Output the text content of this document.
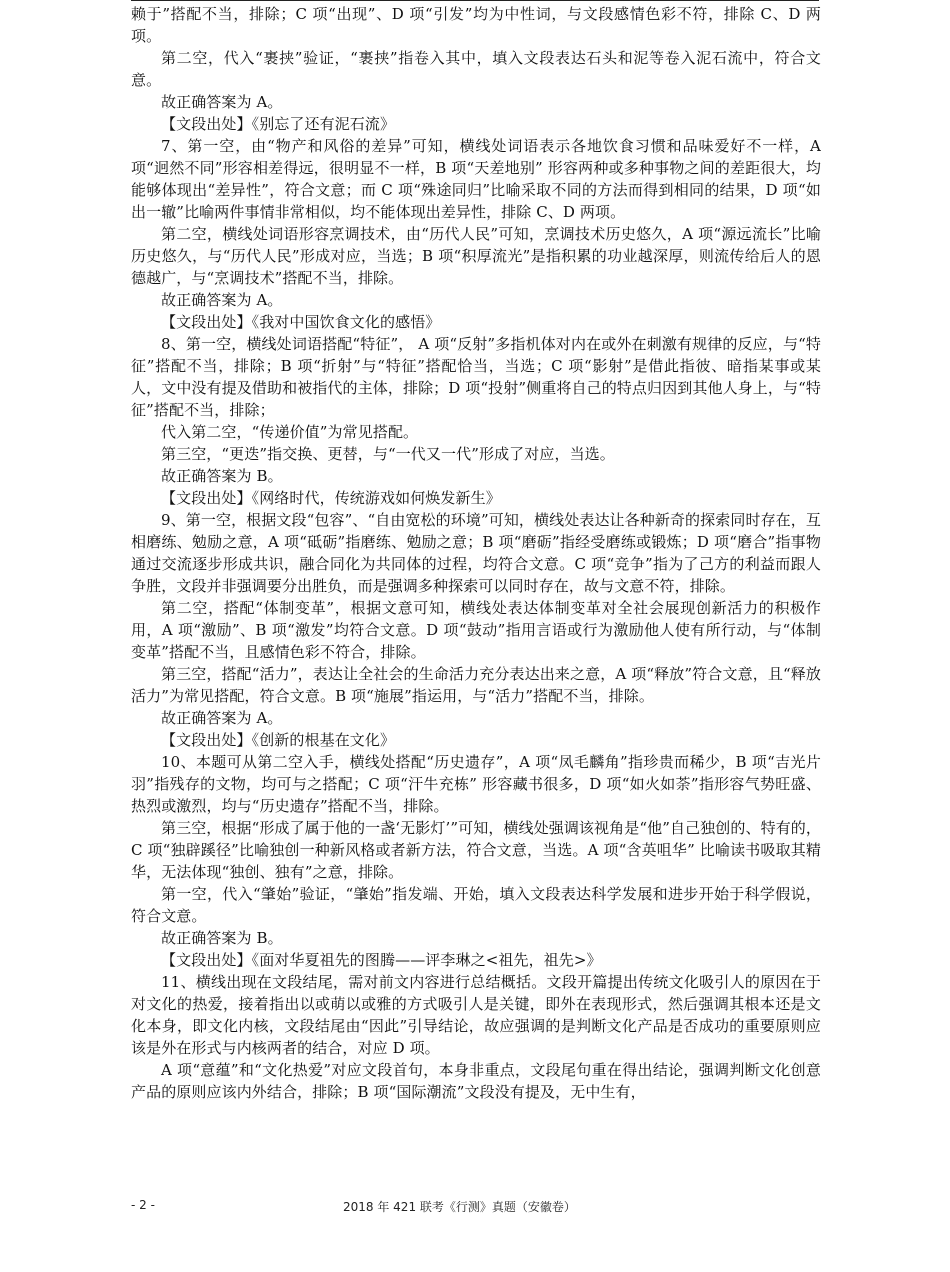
赖于”搭配不当，排除；C 项“出现”、D 项“引发”均为中性词，与文段感情色彩不符，排除 C、D 两项。

第二空，代入“裹挟”验证，“裹挟”指卷入其中，填入文段表达石头和泥等卷入泥石流中，符合文意。

故正确答案为 A。

【文段出处】《别忘了还有泥石流》

7、第一空，由“物产和风俗的差异”可知，横线处词语表示各地饮食习惯和品味爱好不一样，A 项“迥然不同”形容相差得远，很明显不一样，B 项“天差地别” 形容两种或多种事物之间的差距很大，均能够体现出“差异性”，符合文意；而 C 项“殊途同归”比喻采取不同的方法而得到相同的结果，D 项“如出一辙”比喻两件事情非常相似，均不能体现出差异性，排除 C、D 两项。

第二空，横线处词语形容烹调技术，由“历代人民”可知，烹调技术历史悠久，A 项“源远流长”比喻历史悠久，与“历代人民”形成对应，当选；B 项“积厚流光”是指积累的功业越深厚，则流传给后人的恩德越广，与“烹调技术”搭配不当，排除。

故正确答案为 A。

【文段出处】《我对中国饮食文化的感悟》

8、第一空，横线处词语搭配“特征”， A 项“反射”多指机体对内在或外在刺激有规律的反应，与“特征”搭配不当，排除；B 项“折射”与“特征”搭配恰当，当选；C 项“影射”是借此指彼、暗指某事或某人，文中没有提及借助和被指代的主体，排除；D 项“投射”侧重将自己的特点归因到其他人身上，与“特征”搭配不当，排除；

代入第二空，“传递价值”为常见搭配。

第三空，“更迭”指交换、更替，与“一代又一代”形成了对应，当选。

故正确答案为 B。

【文段出处】《网络时代，传统游戏如何焕发新生》

9、第一空，根据文段“包容”、“自由宽松的环境”可知，横线处表达让各种新奇的探索同时存在，互相磨练、勉励之意，A 项“砥砺”指磨练、勉励之意；B 项“磨砺”指经受磨练或锻炼；D 项“磨合”指事物通过交流逐步形成共识，融合同化为共同体的过程，均符合文意。C 项“竞争”指为了己方的利益而跟人争胜，文段并非强调要分出胜负，而是强调多种探索可以同时存在，故与文意不符，排除。

第二空，搭配“体制变革”，根据文意可知，横线处表达体制变革对全社会展现创新活力的积极作用，A 项“激励”、B 项“激发”均符合文意。D 项“鼓动”指用言语或行为激励他人使有所行动，与“体制变革”搭配不当，且感情色彩不符合，排除。

第三空，搭配“活力”，表达让全社会的生命活力充分表达出来之意，A 项“释放”符合文意，且“释放活力”为常见搭配，符合文意。B 项“施展”指运用，与“活力”搭配不当，排除。

故正确答案为 A。

【文段出处】《创新的根基在文化》

10、本题可从第二空入手，横线处搭配“历史遗存”，A 项“凤毛麟角”指珍贵而稀少，B 项“吉光片羽”指残存的文物，均可与之搭配；C 项“汗牛充栋” 形容藏书很多，D 项“如火如荼”指形容气势旺盛、热烈或激烈，均与“历史遗存”搭配不当，排除。

第三空，根据“形成了属于他的一盏‘无影灯’”可知，横线处强调该视角是“他”自己独创的、特有的，C 项“独辟蹊径”比喻独创一种新风格或者新方法，符合文意，当选。A 项“含英咀华” 比喻读书吸取其精华，无法体现“独创、独有”之意，排除。

第一空，代入“肇始”验证，“肇始”指发端、开始，填入文段表达科学发展和进步开始于科学假说，符合文意。

故正确答案为 B。

【文段出处】《面对华夏祖先的图腾——评李琳之<祖先，祖先>》

11、横线出现在文段结尾，需对前文内容进行总结概括。文段开篇提出传统文化吸引人的原因在于对文化的热爱，接着指出以或萌以或雅的方式吸引人是关键，即外在表现形式，然后强调其根本还是文化本身，即文化内核，文段结尾由“因此”引导结论，故应强调的是判断文化产品是否成功的重要原则应该是外在形式与内核两者的结合，对应 D 项。

A 项“意蕴”和“文化热爱”对应文段首句，本身非重点，文段尾句重在得出结论，强调判断文化创意产品的原则应该内外结合，排除；B 项“国际潮流”文段没有提及，无中生有，

- 2 -	2018 年 421 联考《行测》真题（安徽卷）
